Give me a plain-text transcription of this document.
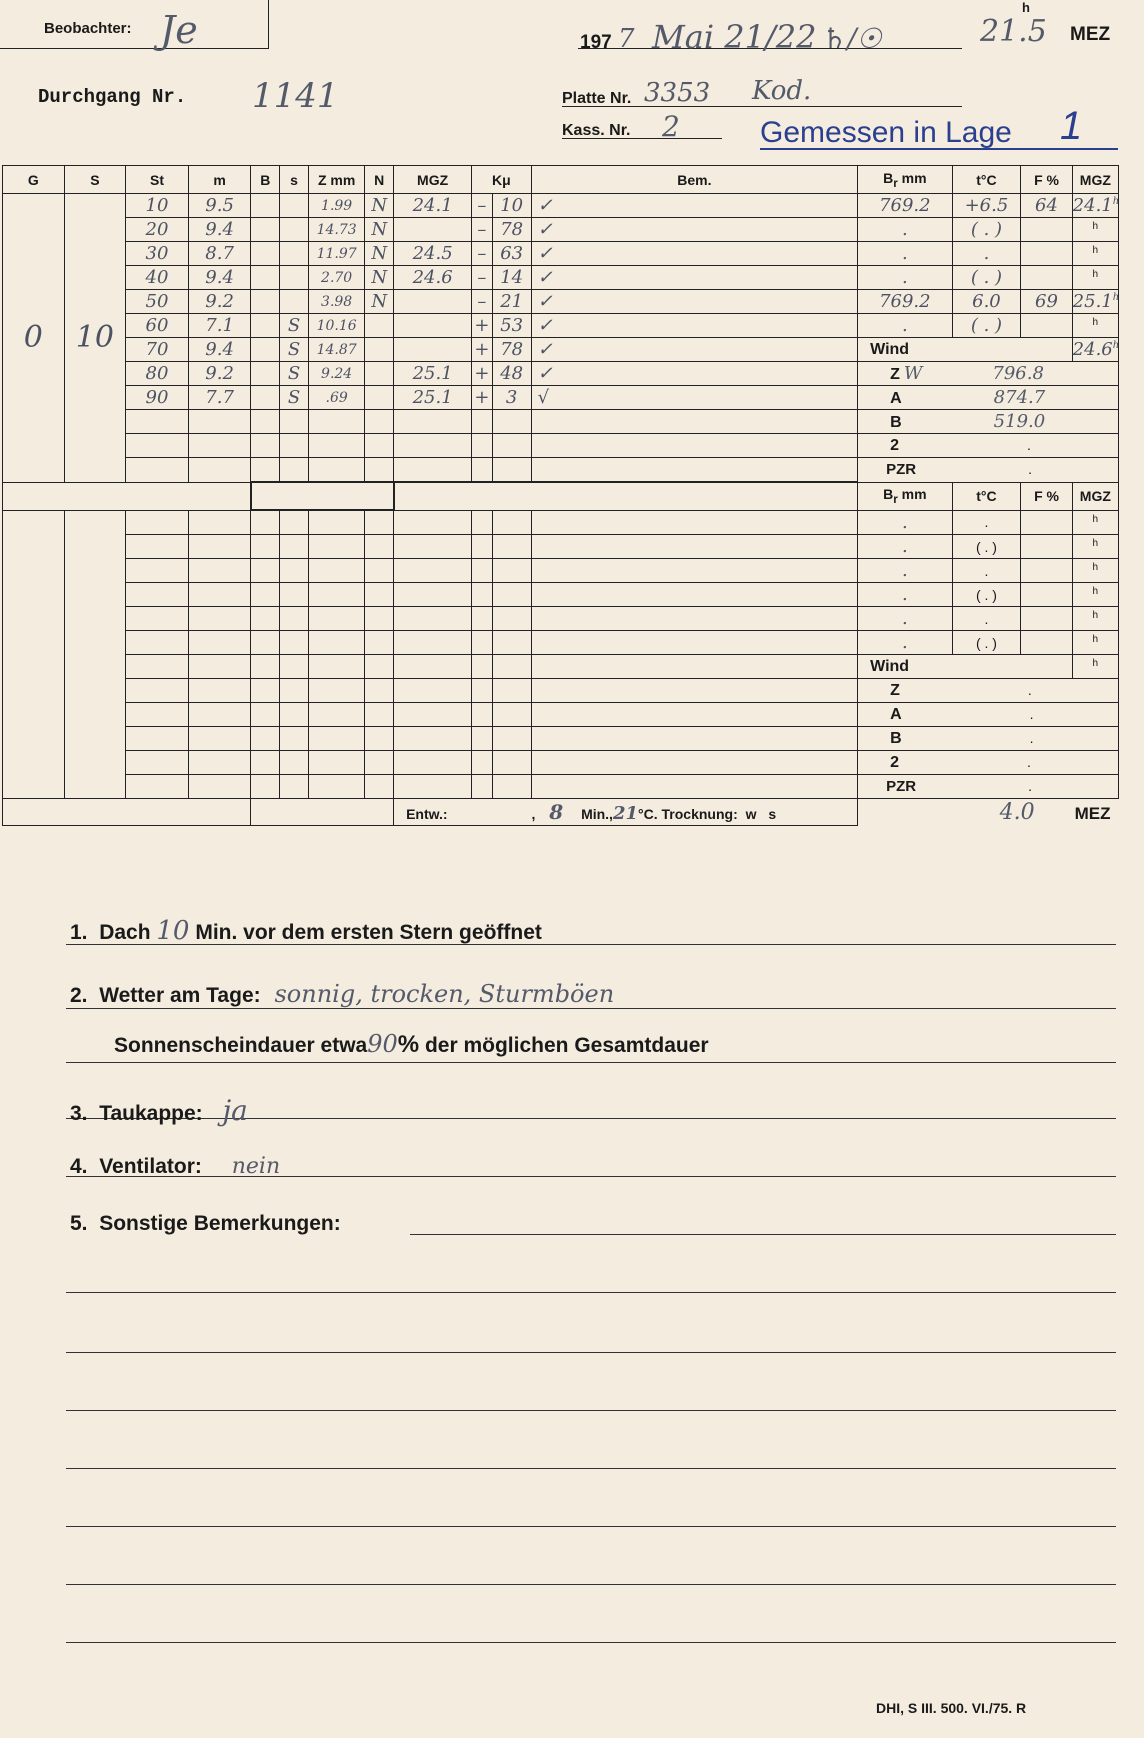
Beobachter: Je	197 7 Mai 21/22 ♄/☉	21.5
h
MEZ
Durchgang Nr. 1141	Platte Nr. 3353 Kod.
Kass. Nr. 2	Gemessen in Lage 1
G	S	St	m	B	s	Z mm	N	MGZ	Kμ		Bem.	$B_r$ mm	t°C	F %	MGZ
0	10	10	9.5			1.99	N	24.1	–	10	✓	769.2	+6.5	64	24.1$^h$
		20	9.4			14.73	N		–	78	✓	.	( . )		$^h$
		30	8.7			11.97	N	24.5	–	63	✓	.	.		$^h$
		40	9.4			2.70	N	24.6	–	14	✓	.	( . )		$^h$
		50	9.2			3.98	N		–	21	✓	769.2	6.0	69	25.1$^h$
		60	7.1		S	10.16			+	53	✓	.	( . )		$^h$
		70	9.4		S	14.87			+	78	✓	Wind			24.6$^h$
		80	9.2		S	9.24		25.1	+	48	✓	Z W 796.8			
		90	7.7		S	.69		25.1	+	3	√	A 874.7			
												B 519.0			
												2 .			
												PZR .			
												$B_r$ mm	t°C	F %	MGZ
												.	.		$^h$
												.	( . )		$^h$
												.	.		$^h$
												.	( . )		$^h$
												.	.		$^h$
												.	( . )		$^h$
												Wind			$^h$
												Z .			
												A .			
												B .			
												2 .			
												PZR .			
								Entw.: , 8 Min.,21°C. Trocknung: w s				4.0 MEZ			
1. Dach 10 Min. vor dem ersten Stern geöffnet
2. Wetter am Tage: sonnig, trocken, Sturmböen
Sonnenscheindauer etwa90% der möglichen Gesamtdauer
3. Taukappe: ja
4. Ventilator: nein
5. Sonstige Bemerkungen:
DHI, S III. 500. VI./75. R
